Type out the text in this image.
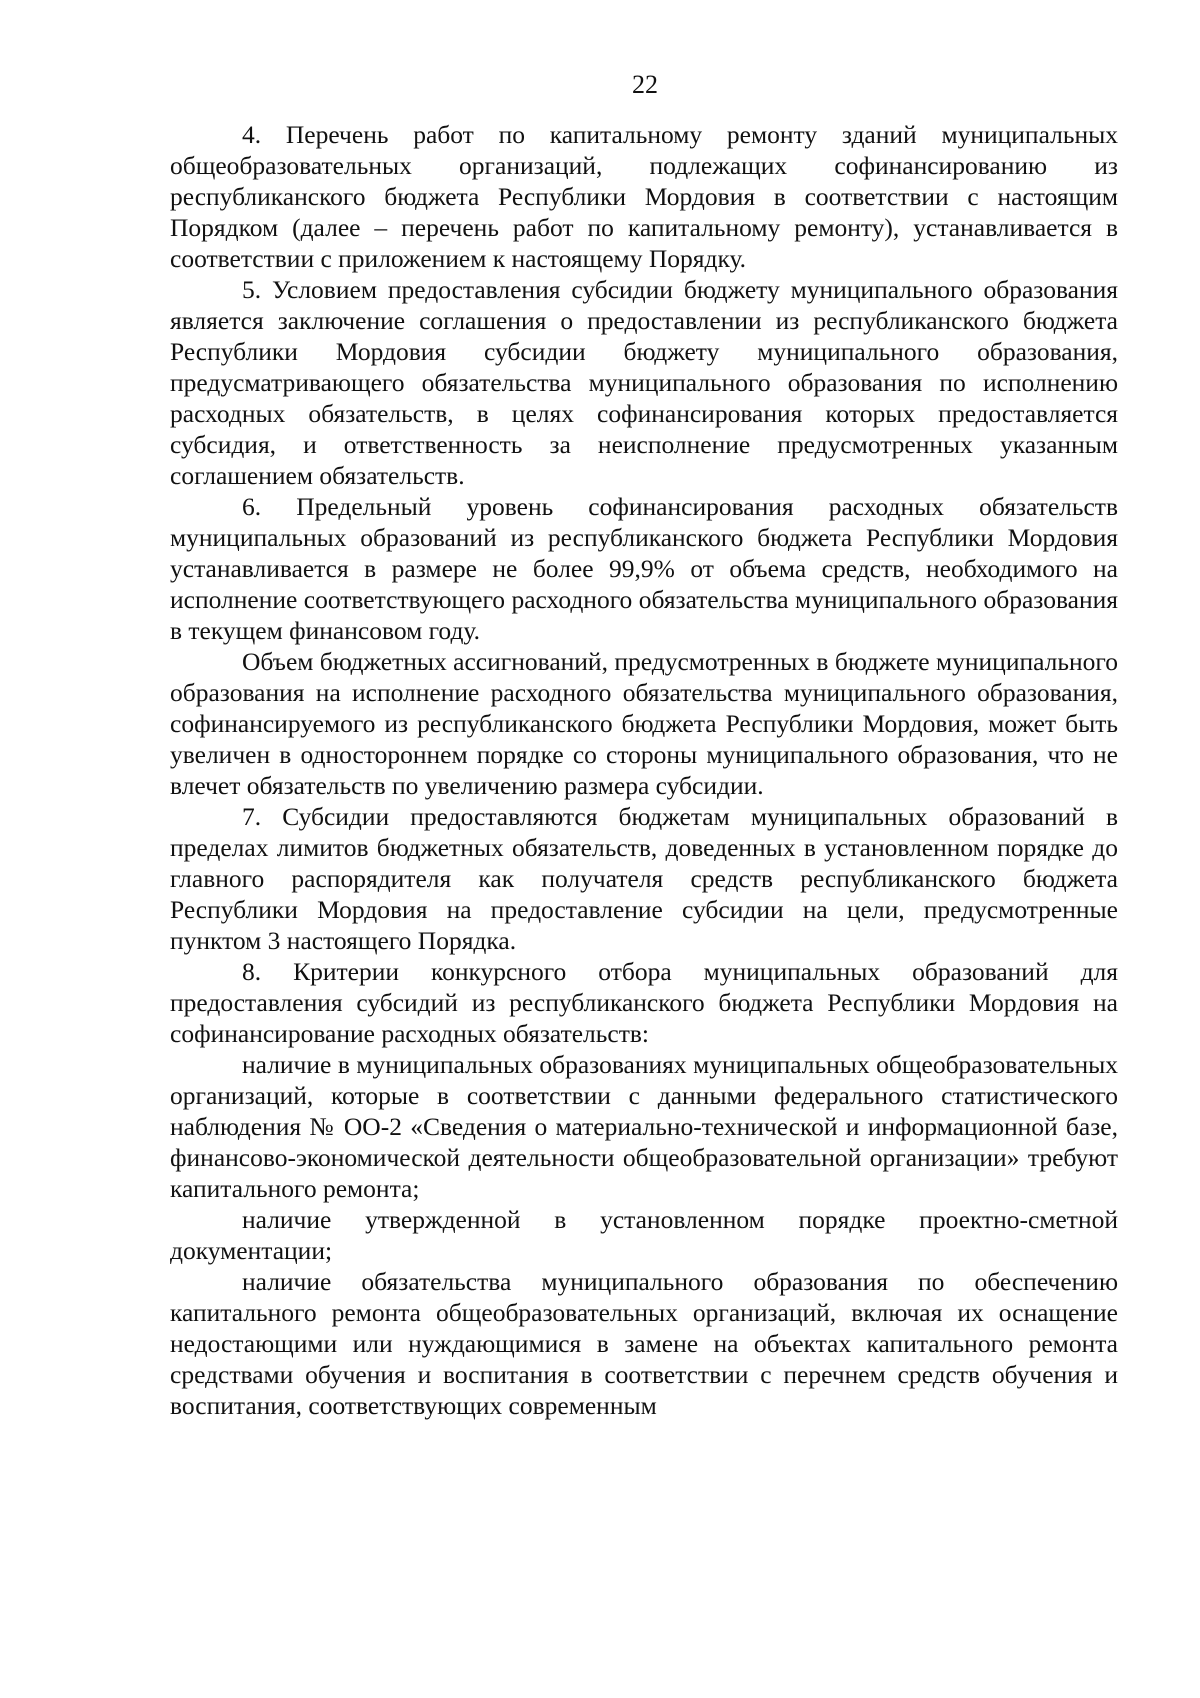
22

4. Перечень работ по капитальному ремонту зданий муниципальных общеобразовательных организаций, подлежащих софинансированию из республиканского бюджета Республики Мордовия в соответствии с настоящим Порядком (далее – перечень работ по капитальному ремонту), устанавливается в соответствии с приложением к настоящему Порядку.

5. Условием предоставления субсидии бюджету муниципального образования является заключение соглашения о предоставлении из республиканского бюджета Республики Мордовия субсидии бюджету муниципального образования, предусматривающего обязательства муниципального образования по исполнению расходных обязательств, в целях софинансирования которых предоставляется субсидия, и ответственность за неисполнение предусмотренных указанным соглашением обязательств.

6. Предельный уровень софинансирования расходных обязательств муниципальных образований из республиканского бюджета Республики Мордовия устанавливается в размере не более 99,9% от объема средств, необходимого на исполнение соответствующего расходного обязательства муниципального образования в текущем финансовом году.

Объем бюджетных ассигнований, предусмотренных в бюджете муниципального образования на исполнение расходного обязательства муниципального образования, софинансируемого из республиканского бюджета Республики Мордовия, может быть увеличен в одностороннем порядке со стороны муниципального образования, что не влечет обязательств по увеличению размера субсидии.

7. Субсидии предоставляются бюджетам муниципальных образований в пределах лимитов бюджетных обязательств, доведенных в установленном порядке до главного распорядителя как получателя средств республиканского бюджета Республики Мордовия на предоставление субсидии на цели, предусмотренные пунктом 3 настоящего Порядка.

8. Критерии конкурсного отбора муниципальных образований для предоставления субсидий из республиканского бюджета Республики Мордовия на софинансирование расходных обязательств:

наличие в муниципальных образованиях муниципальных общеобразовательных организаций, которые в соответствии с данными федерального статистического наблюдения № ОО-2 «Сведения о материально-технической и информационной базе, финансово-экономической деятельности общеобразовательной организации» требуют капитального ремонта;

наличие утвержденной в установленном порядке проектно-сметной документации;

наличие обязательства муниципального образования по обеспечению капитального ремонта общеобразовательных организаций, включая их оснащение недостающими или нуждающимися в замене на объектах капитального ремонта средствами обучения и воспитания в соответствии с перечнем средств обучения и воспитания, соответствующих современным
